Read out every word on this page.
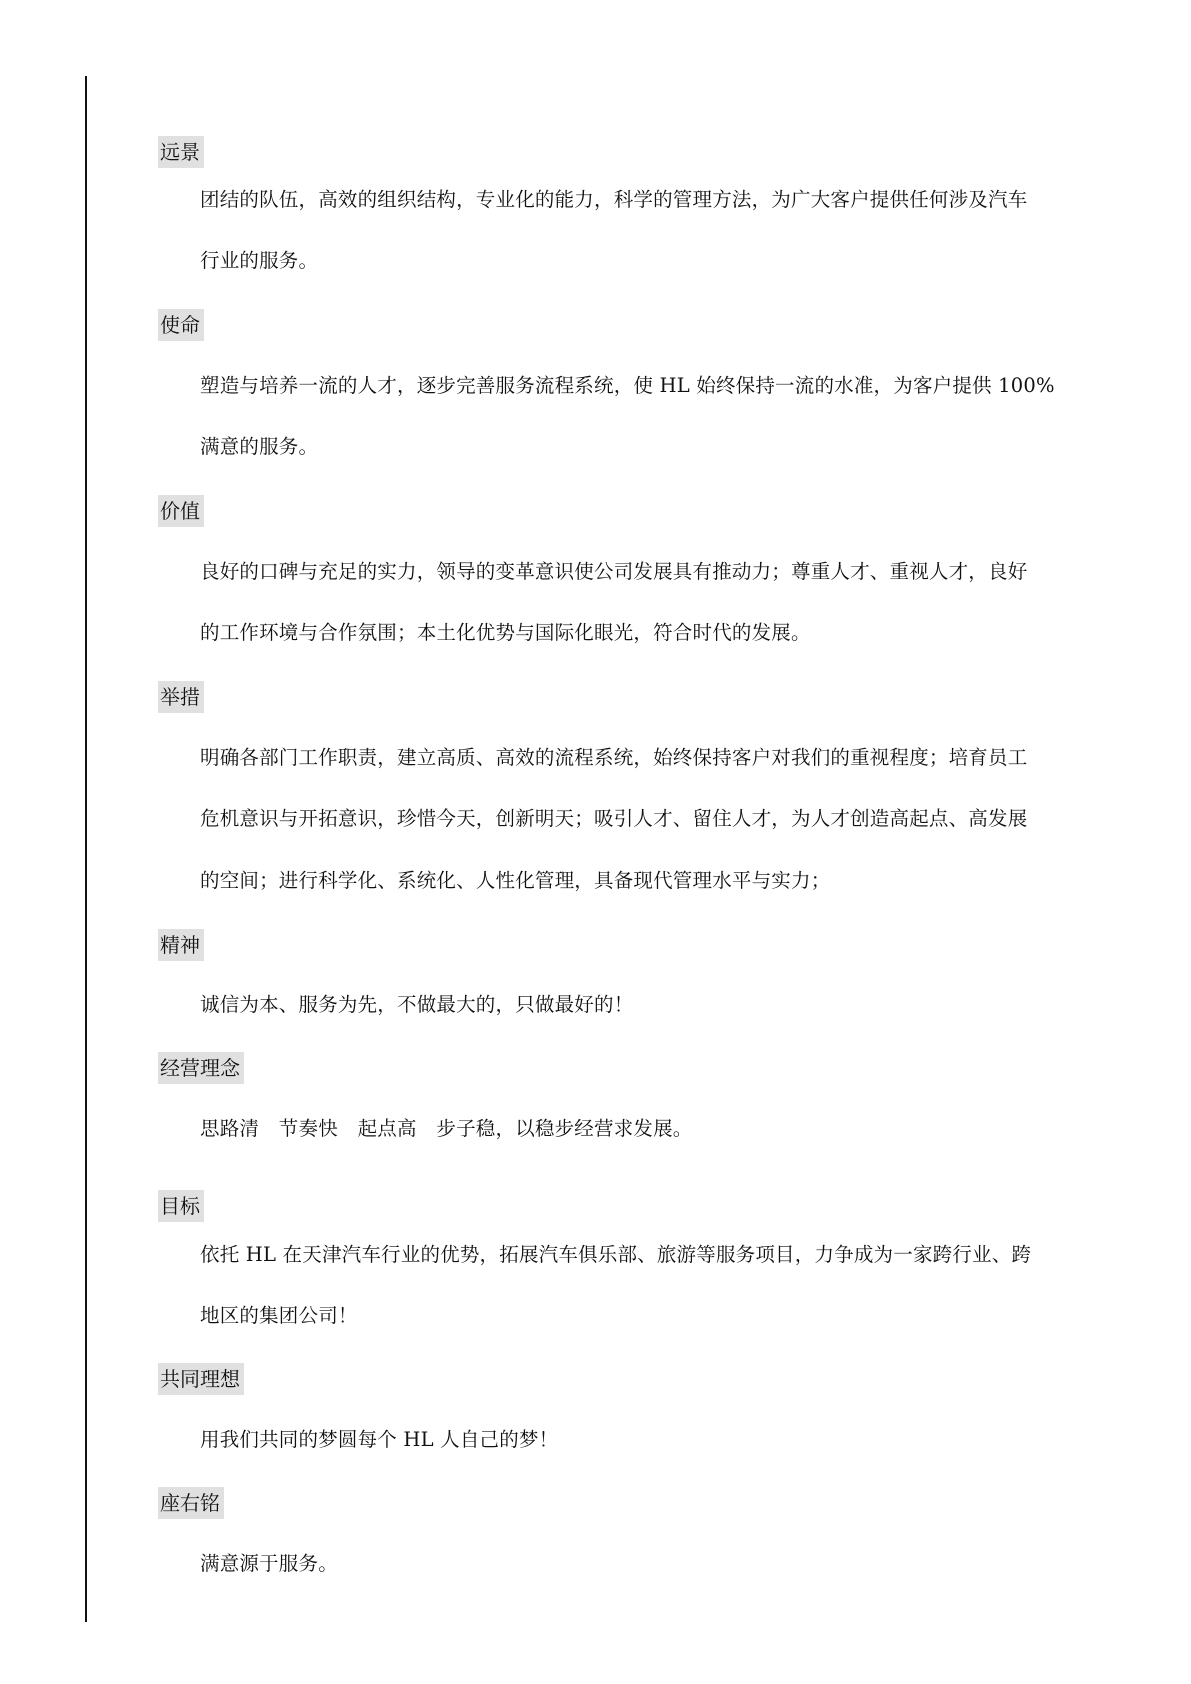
远景
团结的队伍，高效的组织结构，专业化的能力，科学的管理方法，为广大客户提供任何涉及汽车
行业的服务。
使命
塑造与培养一流的人才，逐步完善服务流程系统，使 HL 始终保持一流的水准，为客户提供 100%
满意的服务。
价值
良好的口碑与充足的实力，领导的变革意识使公司发展具有推动力；尊重人才、重视人才，良好
的工作环境与合作氛围；本土化优势与国际化眼光，符合时代的发展。
举措
明确各部门工作职责，建立高质、高效的流程系统，始终保持客户对我们的重视程度；培育员工
危机意识与开拓意识，珍惜今天，创新明天；吸引人才、留住人才，为人才创造高起点、高发展
的空间；进行科学化、系统化、人性化管理，具备现代管理水平与实力；
精神
诚信为本、服务为先，不做最大的，只做最好的！
经营理念
思路清　节奏快　起点高　步子稳，以稳步经营求发展。
目标
依托 HL 在天津汽车行业的优势，拓展汽车俱乐部、旅游等服务项目，力争成为一家跨行业、跨
地区的集团公司！
共同理想
用我们共同的梦圆每个 HL 人自己的梦！
座右铭
满意源于服务。
